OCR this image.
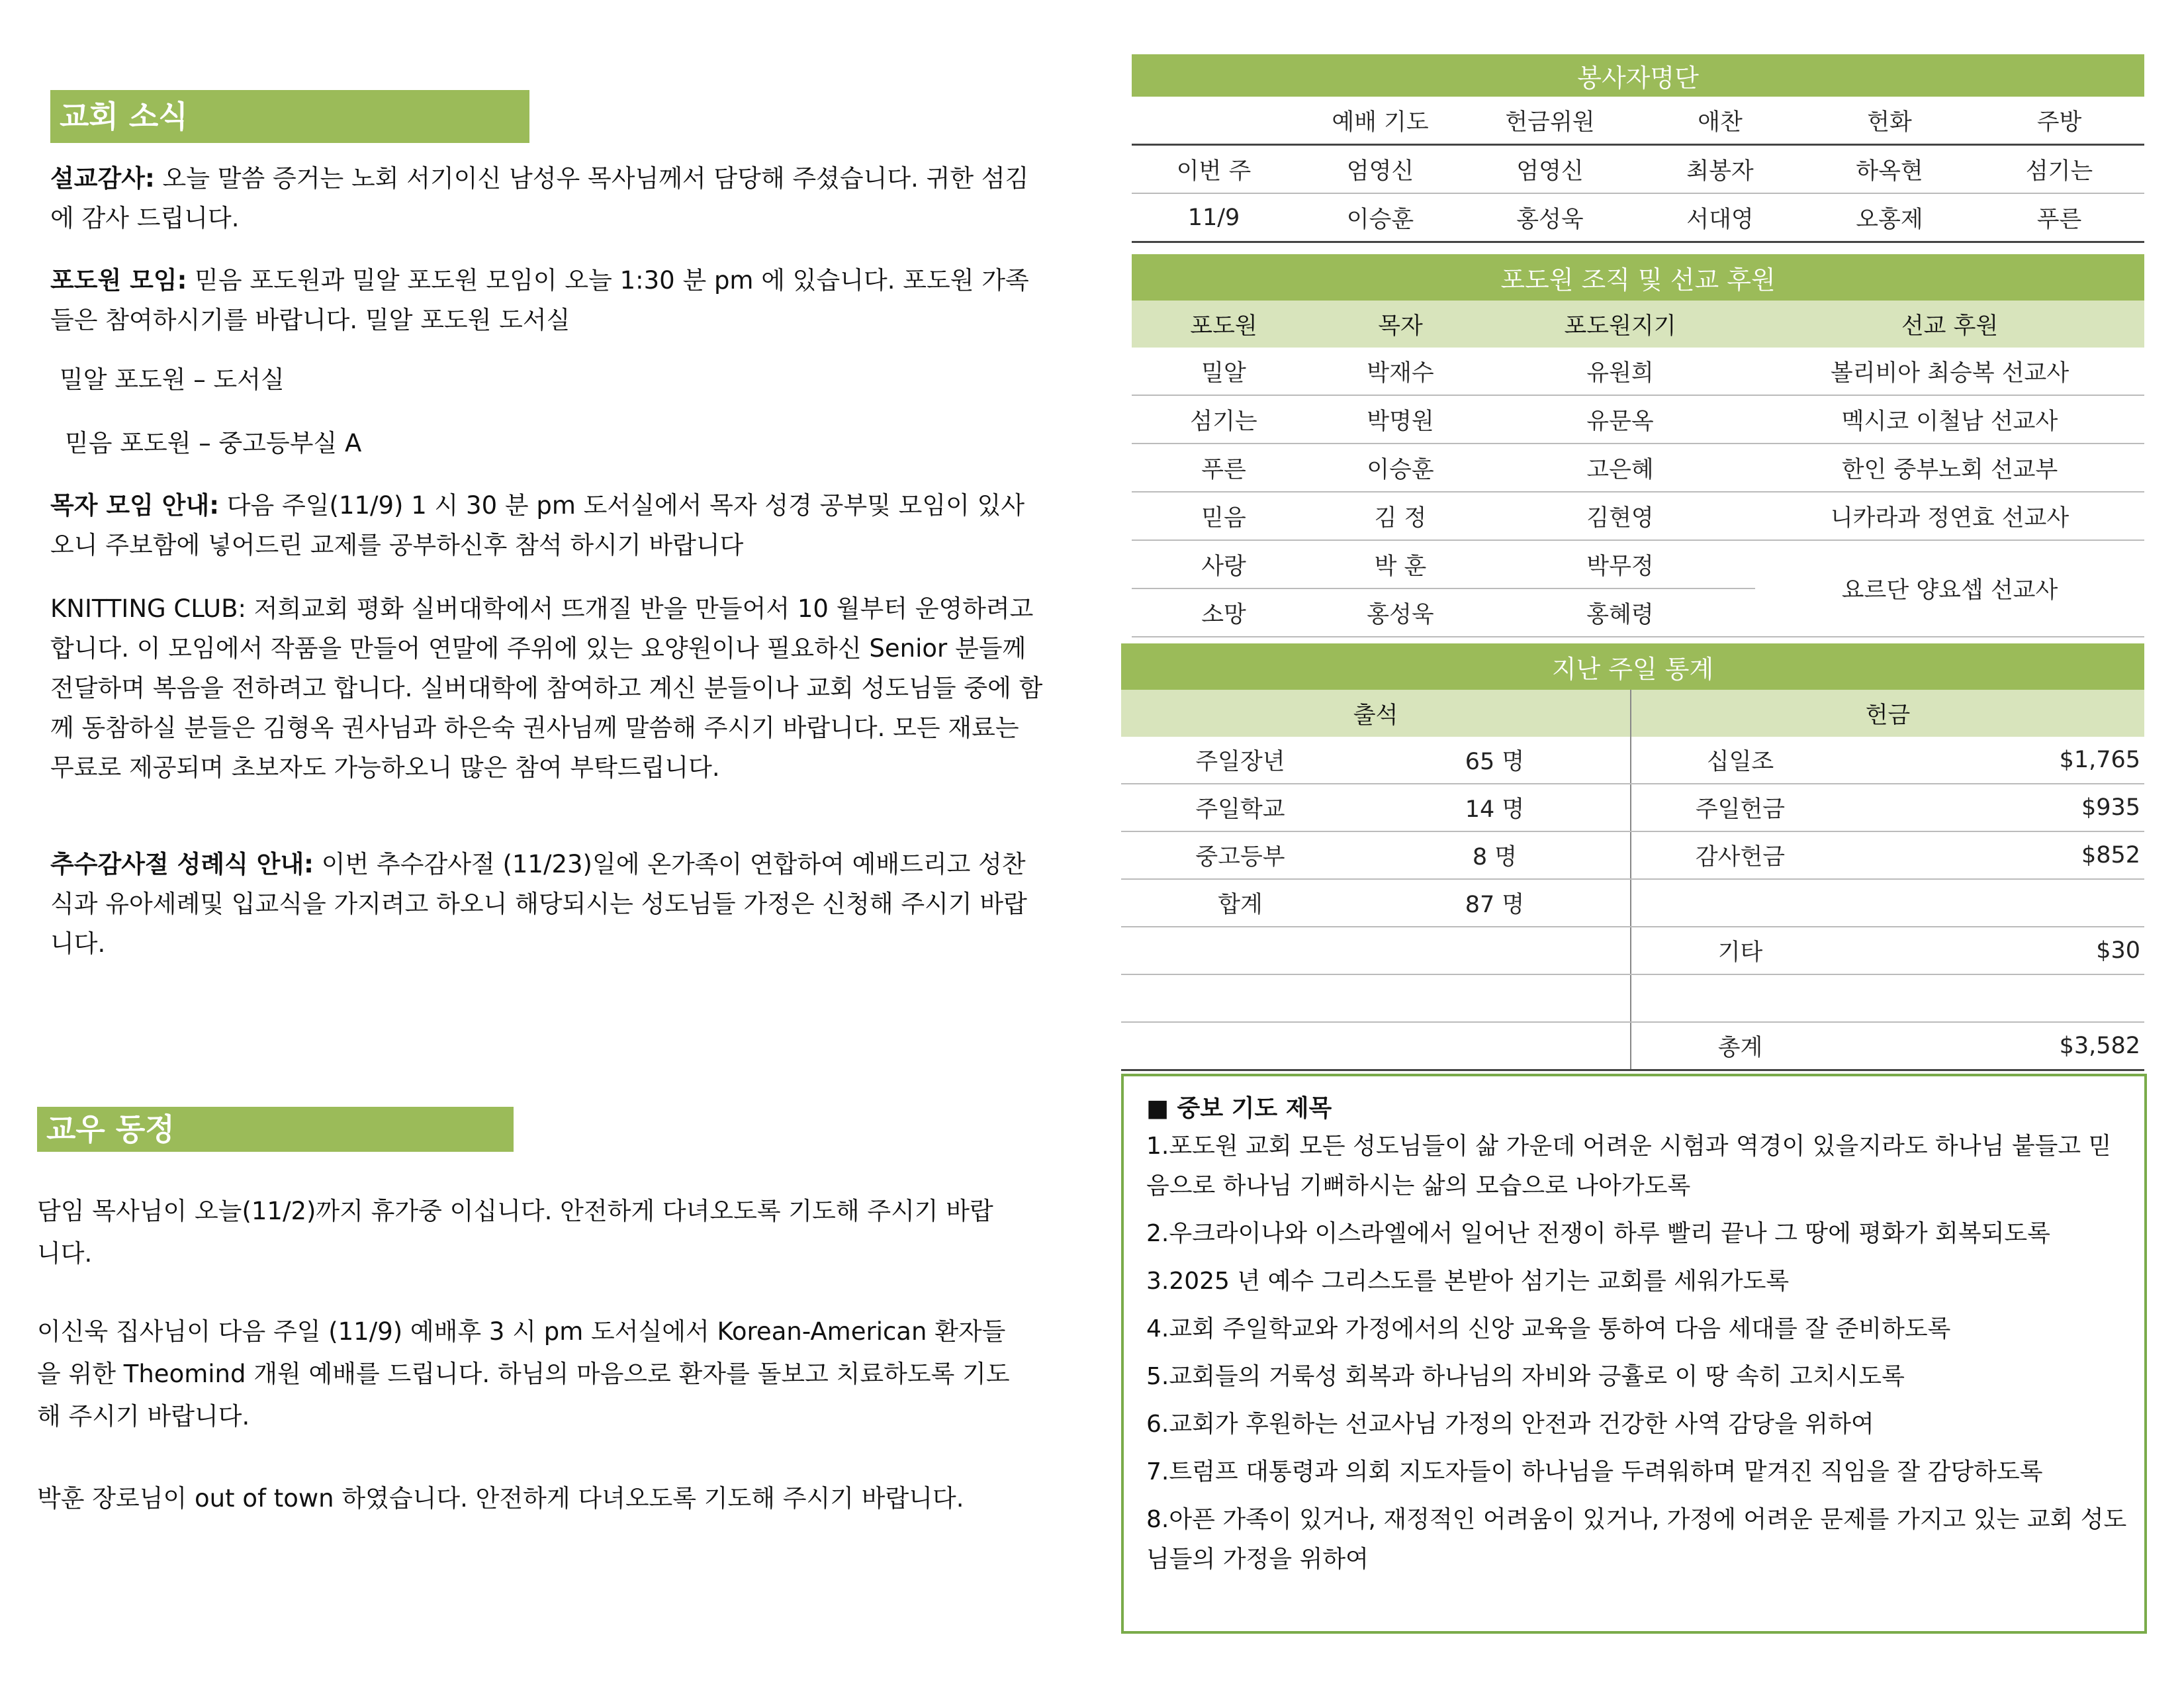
교회 소식
설교감사: 오늘 말씀 증거는 노회 서기이신 남성우 목사님께서 담당해 주셨습니다. 귀한 섬김에 감사 드립니다.
포도원 모임: 믿음 포도원과 밀알 포도원 모임이 오늘 1:30 분 pm 에 있습니다. 포도원 가족들은 참여하시기를 바랍니다. 밀알 포도원 도서실
밀알 포도원 – 도서실
믿음 포도원 – 중고등부실 A
목자 모임 안내: 다음 주일(11/9) 1 시 30 분 pm 도서실에서 목자 성경 공부및 모임이 있사오니 주보함에 넣어드린 교제를 공부하신후 참석 하시기 바랍니다
KNITTING CLUB: 저희교회 평화 실버대학에서 뜨개질 반을 만들어서 10 월부터 운영하려고 합니다. 이 모임에서 작품을 만들어 연말에 주위에 있는 요양원이나 필요하신 Senior 분들께 전달하며 복음을 전하려고 합니다. 실버대학에 참여하고 계신 분들이나 교회 성도님들 중에 함께 동참하실 분들은 김형옥 권사님과 하은숙 권사님께 말씀해 주시기 바랍니다. 모든 재료는 무료로 제공되며 초보자도 가능하오니 많은 참여 부탁드립니다.
추수감사절 성례식 안내: 이번 추수감사절 (11/23)일에 온가족이 연합하여 예배드리고 성찬식과 유아세례및 입교식을 가지려고 하오니 해당되시는 성도님들 가정은 신청해 주시기 바랍니다.
교우 동정
담임 목사님이 오늘(11/2)까지 휴가중 이십니다. 안전하게 다녀오도록 기도해 주시기 바랍니다.
이신욱 집사님이 다음 주일 (11/9) 예배후 3 시 pm 도서실에서 Korean-American 환자들을 위한 Theomind 개원 예배를 드립니다. 하님의 마음으로 환자를 돌보고 치료하도록 기도해 주시기 바랍니다.
박훈 장로님이 out of town 하였습니다. 안전하게 다녀오도록 기도해 주시기 바랍니다.
봉사자명단					
	예배 기도	헌금위원	애찬	헌화	주방
이번 주	엄영신	엄영신	최봉자	하옥현	섬기는
11/9	이승훈	홍성욱	서대영	오홍제	푸른
포도원 조직 및 선교 후원			
포도원	목자	포도원지기	선교 후원
밀알	박재수	유원희	볼리비아 최승복 선교사
섬기는	박명원	유문옥	멕시코 이철남 선교사
푸른	이승훈	고은혜	한인 중부노회 선교부
믿음	김 정	김현영	니카라과 정연효 선교사
사랑	박 훈	박무정	요르단 양요셉 선교사
소망	홍성욱	홍혜령	
지난 주일 통계			
출석		헌금	
주일장년	65 명	십일조	$1,765
주일학교	14 명	주일헌금	$935
중고등부	8 명	감사헌금	$852
합계	87 명		
		기타	$30

		총계	$3,582
■ 중보 기도 제목
1.포도원 교회 모든 성도님들이 삶 가운데 어려운 시험과 역경이 있을지라도 하나님 붙들고 믿음으로 하나님 기뻐하시는 삶의 모습으로 나아가도록
2.우크라이나와 이스라엘에서 일어난 전쟁이 하루 빨리 끝나 그 땅에 평화가 회복되도록
3.2025 년 예수 그리스도를 본받아 섬기는 교회를 세워가도록
4.교회 주일학교와 가정에서의 신앙 교육을 통하여 다음 세대를 잘 준비하도록
5.교회들의 거룩성 회복과 하나님의 자비와 긍휼로 이 땅 속히 고치시도록
6.교회가 후원하는 선교사님 가정의 안전과 건강한 사역 감당을 위하여
7.트럼프 대통령과 의회 지도자들이 하나님을 두려워하며 맡겨진 직임을 잘 감당하도록
8.아픈 가족이 있거나, 재정적인 어려움이 있거나, 가정에 어려운 문제를 가지고 있는 교회 성도님들의 가정을 위하여
